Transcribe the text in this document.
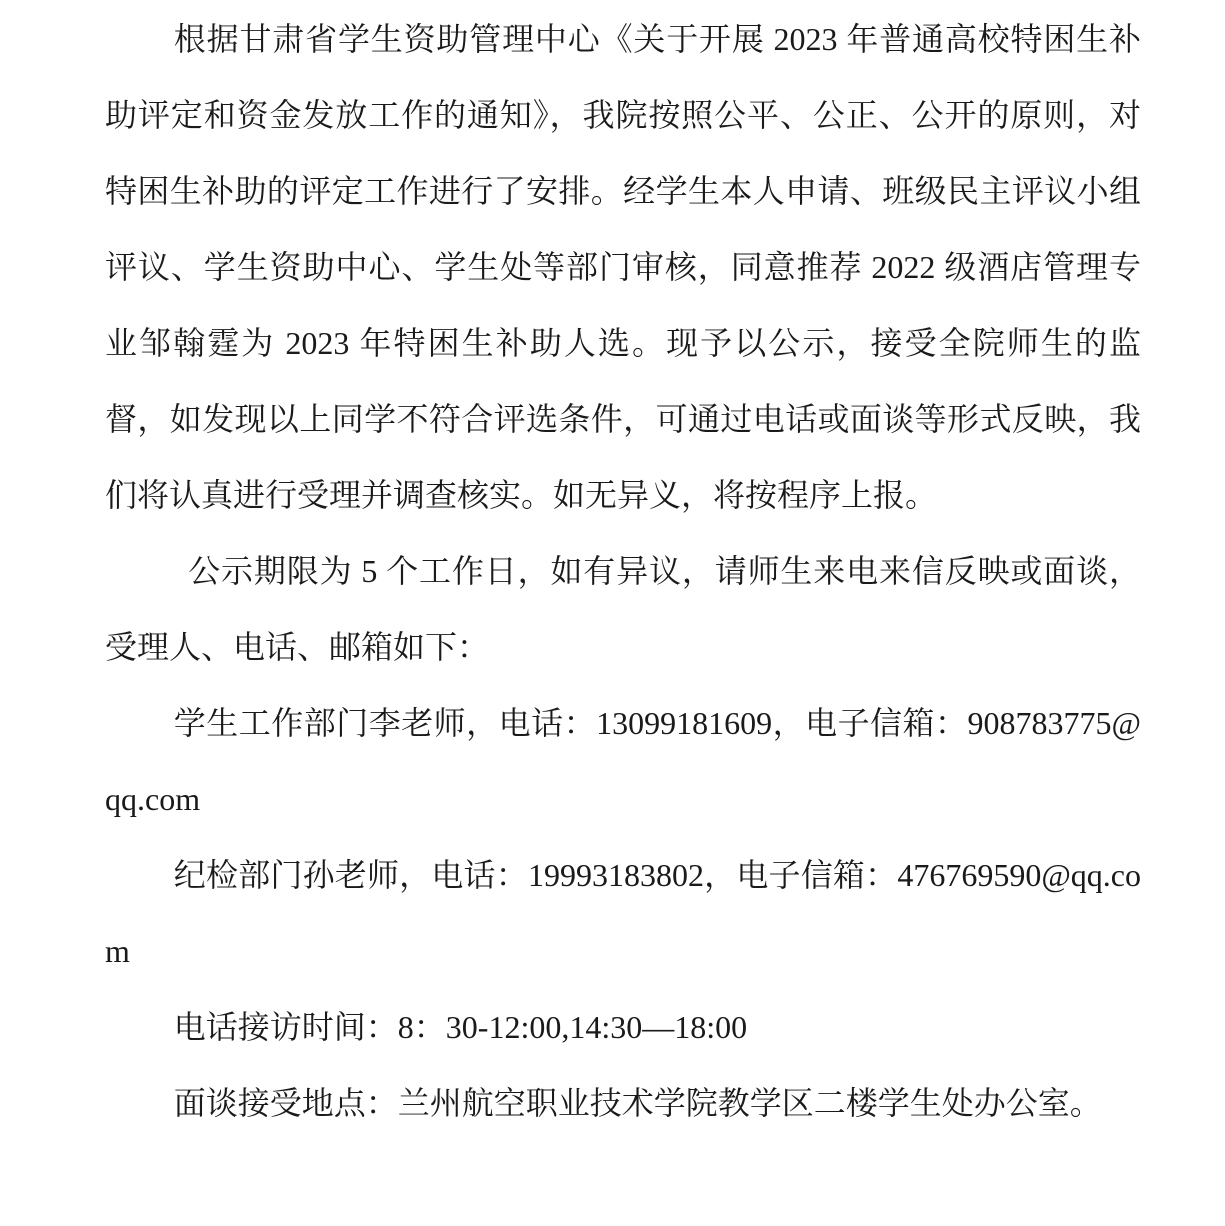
根据甘肃省学生资助管理中心《关于开展 2023 年普通高校特困生补助评定和资金发放工作的通知》，我院按照公平、公正、公开的原则，对特困生补助的评定工作进行了安排。经学生本人申请、班级民主评议小组评议、学生资助中心、学生处等部门审核，同意推荐 2022 级酒店管理专业邹翰霆为 2023 年特困生补助人选。现予以公示，接受全院师生的监督，如发现以上同学不符合评选条件，可通过电话或面谈等形式反映，我们将认真进行受理并调查核实。如无异义，将按程序上报。

公示期限为 5 个工作日，如有异议，请师生来电来信反映或面谈，受理人、电话、邮箱如下：

学生工作部门李老师，电话：13099181609，电子信箱：908783775@qq.com

纪检部门孙老师，电话：19993183802，电子信箱：476769590@qq.com

电话接访时间：8：30-12:00,14:30—18:00

面谈接受地点：兰州航空职业技术学院教学区二楼学生处办公室。
